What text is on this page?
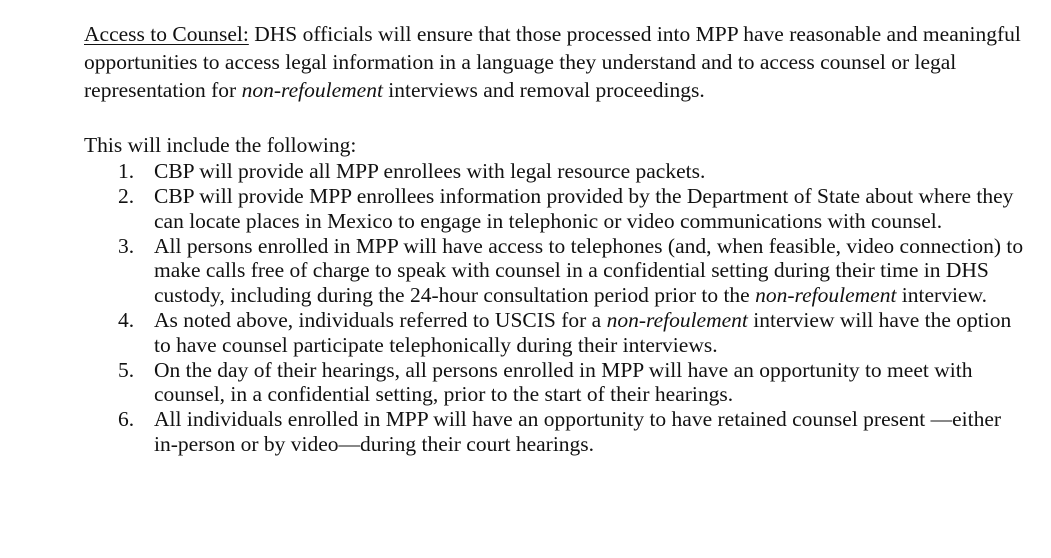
Access to Counsel: DHS officials will ensure that those processed into MPP have reasonable and meaningful opportunities to access legal information in a language they understand and to access counsel or legal representation for non-refoulement interviews and removal proceedings.

This will include the following:

1. CBP will provide all MPP enrollees with legal resource packets.
2. CBP will provide MPP enrollees information provided by the Department of State about where they can locate places in Mexico to engage in telephonic or video communications with counsel.
3. All persons enrolled in MPP will have access to telephones (and, when feasible, video connection) to make calls free of charge to speak with counsel in a confidential setting during their time in DHS custody, including during the 24-hour consultation period prior to the non-refoulement interview.
4. As noted above, individuals referred to USCIS for a non-refoulement interview will have the option to have counsel participate telephonically during their interviews.
5. On the day of their hearings, all persons enrolled in MPP will have an opportunity to meet with counsel, in a confidential setting, prior to the start of their hearings.
6. All individuals enrolled in MPP will have an opportunity to have retained counsel present —either in-person or by video—during their court hearings.
